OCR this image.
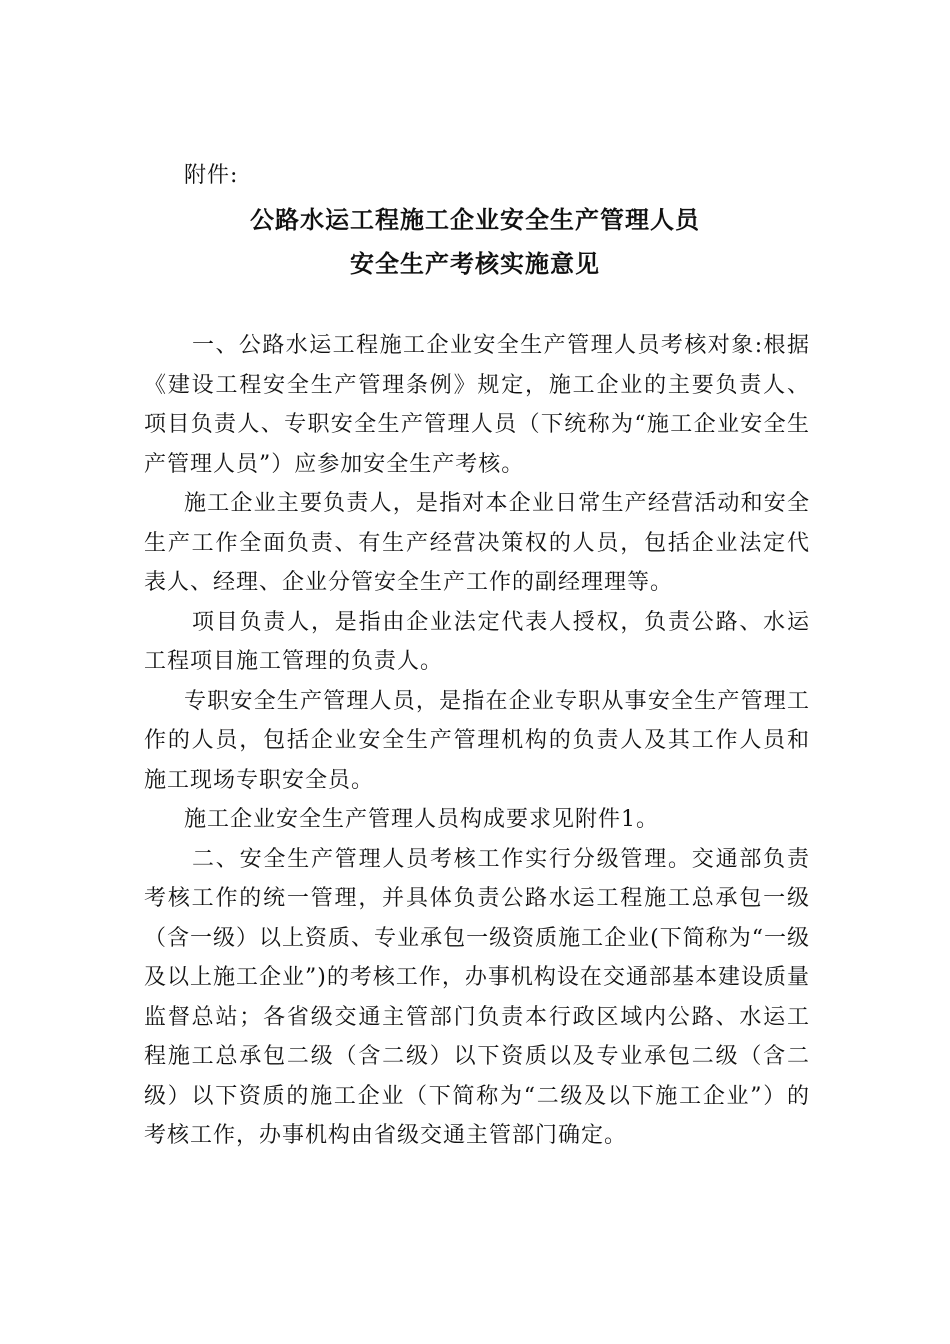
附件:
公路水运工程施工企业安全生产管理人员
安全生产考核实施意见

一、公路水运工程施工企业安全生产管理人员考核对象:根据《建设工程安全生产管理条例》规定，施工企业的主要负责人、项目负责人、专职安全生产管理人员（下统称为“施工企业安全生产管理人员”）应参加安全生产考核。

施工企业主要负责人，是指对本企业日常生产经营活动和安全生产工作全面负责、有生产经营决策权的人员，包括企业法定代表人、经理、企业分管安全生产工作的副经理理等。

项目负责人，是指由企业法定代表人授权，负责公路、水运工程项目施工管理的负责人。

专职安全生产管理人员，是指在企业专职从事安全生产管理工作的人员，包括企业安全生产管理机构的负责人及其工作人员和施工现场专职安全员。

施工企业安全生产管理人员构成要求见附件1。

二、安全生产管理人员考核工作实行分级管理。交通部负责考核工作的统一管理，并具体负责公路水运工程施工总承包一级（含一级）以上资质、专业承包一级资质施工企业(下简称为“一级及以上施工企业”)的考核工作，办事机构设在交通部基本建设质量监督总站；各省级交通主管部门负责本行政区域内公路、水运工程施工总承包二级（含二级）以下资质以及专业承包二级（含二级）以下资质的施工企业（下简称为“二级及以下施工企业”）的考核工作，办事机构由省级交通主管部门确定。
